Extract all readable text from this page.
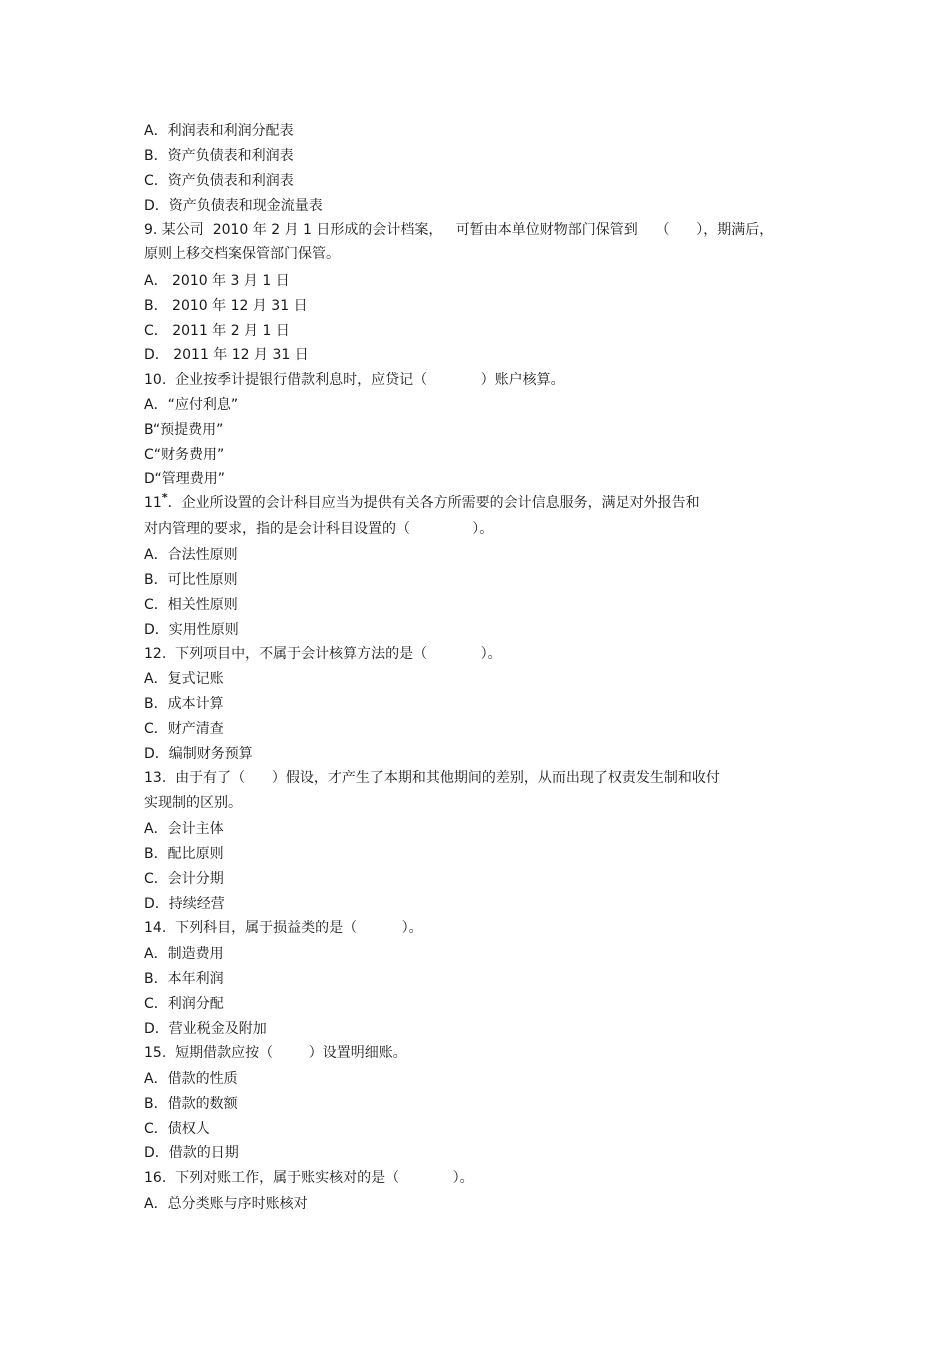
A．利润表和利润分配表

B．资产负债表和利润表

C．资产负债表和利润表

D．资产负债表和现金流量表

9. 某公司  2010 年 2 月 1 日形成的会计档案，   可暂由本单位财物部门保管到    （      ），期满后，

原则上移交档案保管部门保管。

A． 2010 年 3 月 1 日

B． 2010 年 12 月 31 日

C． 2011 年 2 月 1 日

D． 2011 年 12 月 31 日

10.  企业按季计提银行借款利息时，应贷记（            ）账户核算。

A．“应付利息”

B“预提费用”

C“财务费用”

D“管理费用”

11*．企业所设置的会计科目应当为提供有关各方所需要的会计信息服务，满足对外报告和

对内管理的要求，指的是会计科目设置的（              ）。

A．合法性原则

B．可比性原则

C．相关性原则

D．实用性原则

12.  下列项目中，不属于会计核算方法的是（            ）。

A．复式记账

B．成本计算

C．财产清查

D．编制财务预算

13.  由于有了（      ）假设，才产生了本期和其他期间的差别，从而出现了权责发生制和收付

实现制的区别。

A．会计主体

B．配比原则

C．会计分期

D．持续经营

14.  下列科目，属于损益类的是（          ）。

A．制造费用

B．本年利润

C．利润分配

D．营业税金及附加

15.  短期借款应按（        ）设置明细账。

A．借款的性质

B．借款的数额

C．债权人

D．借款的日期

16.  下列对账工作，属于账实核对的是（            ）。

A．总分类账与序时账核对
